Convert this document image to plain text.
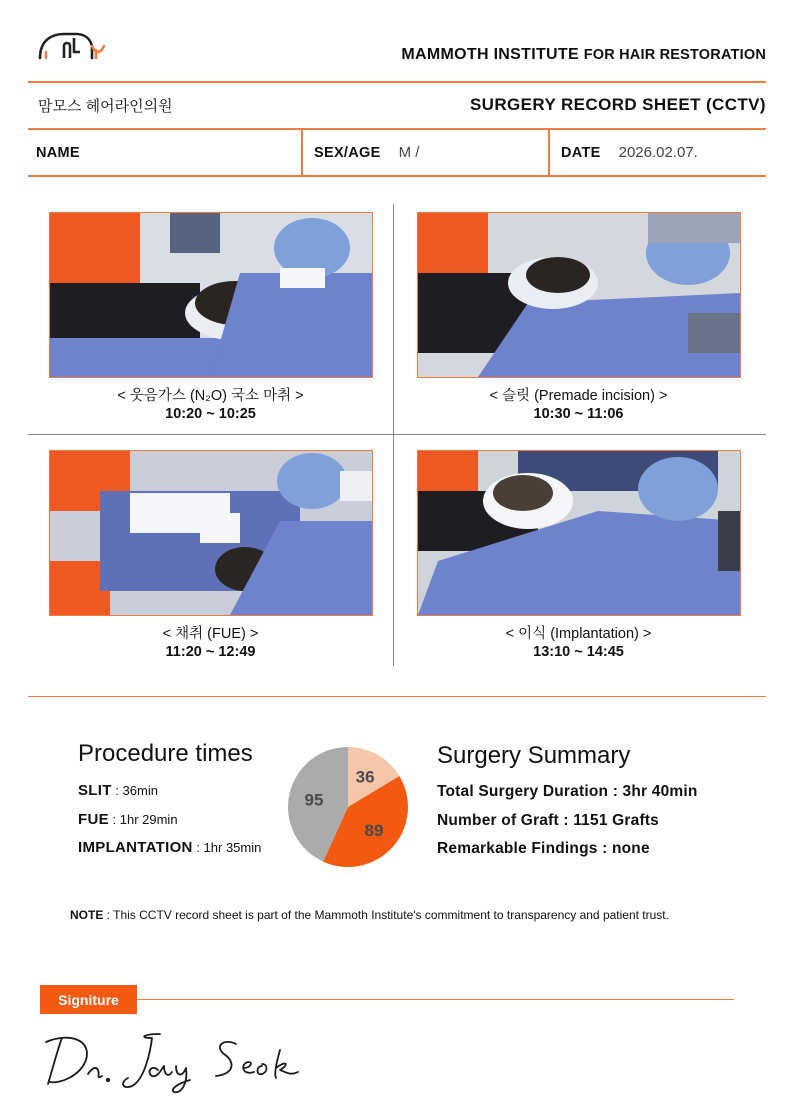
MAMMOTH INSTITUTE FOR HAIR RESTORATION
맘모스 헤어라인의원	SURGERY RECORD SHEET (CCTV)
NAME	SEX/AGE M /	DATE 2026.02.07.
< 웃음가스 (N₂O) 국소 마취 >
10:20 ~ 10:25
< 슬릿 (Premade incision) >
10:30 ~ 11:06
< 채취 (FUE) >
11:20 ~ 12:49
< 이식 (Implantation) >
13:10 ~ 14:45
Procedure times
SLIT : 36min
FUE : 1hr 29min
IMPLANTATION : 1hr 35min
36
89
95
Surgery Summary
Total Surgery Duration : 3hr 40min
Number of Graft : 1151 Grafts
Remarkable Findings : none
NOTE : This CCTV record sheet is part of the Mammoth Institute's commitment to transparency and patient trust.
Signiture
